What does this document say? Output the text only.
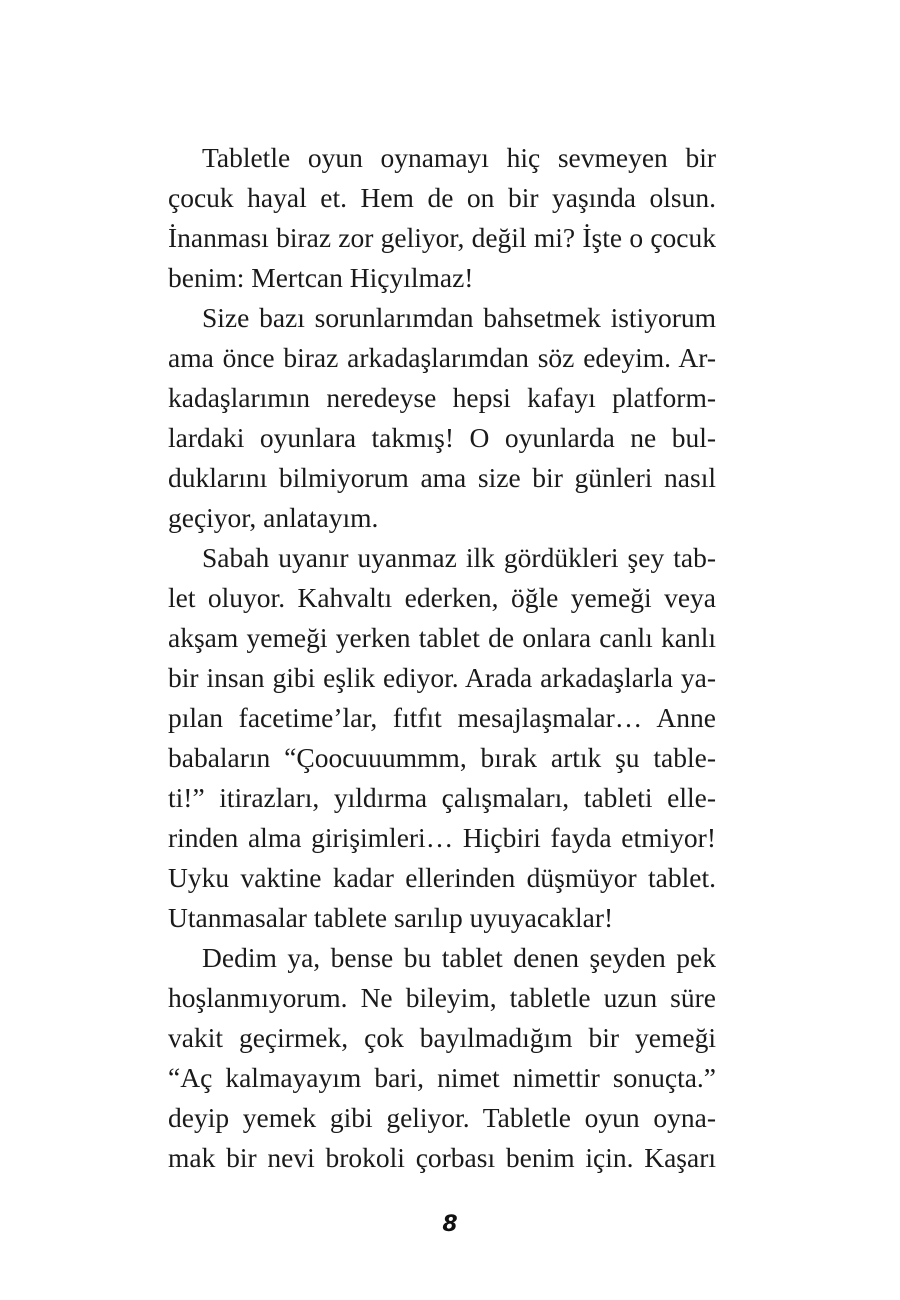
Tabletle oyun oynamayı hiç sevmeyen bir
çocuk hayal et. Hem de on bir yaşında olsun.
İnanması biraz zor geliyor, değil mi? İşte o çocuk
benim: Mertcan Hiçyılmaz!
Size bazı sorunlarımdan bahsetmek istiyorum
ama önce biraz arkadaşlarımdan söz edeyim. Ar-
kadaşlarımın neredeyse hepsi kafayı platform-
lardaki oyunlara takmış! O oyunlarda ne bul-
duklarını bilmiyorum ama size bir günleri nasıl
geçiyor, anlatayım.
Sabah uyanır uyanmaz ilk gördükleri şey tab-
let oluyor. Kahvaltı ederken, öğle yemeği veya
akşam yemeği yerken tablet de onlara canlı kanlı
bir insan gibi eşlik ediyor. Arada arkadaşlarla ya-
pılan facetime’lar, fıtfıt mesajlaşmalar… Anne
babaların “Çoocuuummm, bırak artık şu table-
ti!” itirazları, yıldırma çalışmaları, tableti elle-
rinden alma girişimleri… Hiçbiri fayda etmiyor!
Uyku vaktine kadar ellerinden düşmüyor tablet.
Utanmasalar tablete sarılıp uyuyacaklar!
Dedim ya, bense bu tablet denen şeyden pek
hoşlanmıyorum. Ne bileyim, tabletle uzun süre
vakit geçirmek, çok bayılmadığım bir yemeği
“Aç kalmayayım bari, nimet nimettir sonuçta.”
deyip yemek gibi geliyor. Tabletle oyun oyna-
mak bir nevi brokoli çorbası benim için. Kaşarı
8
